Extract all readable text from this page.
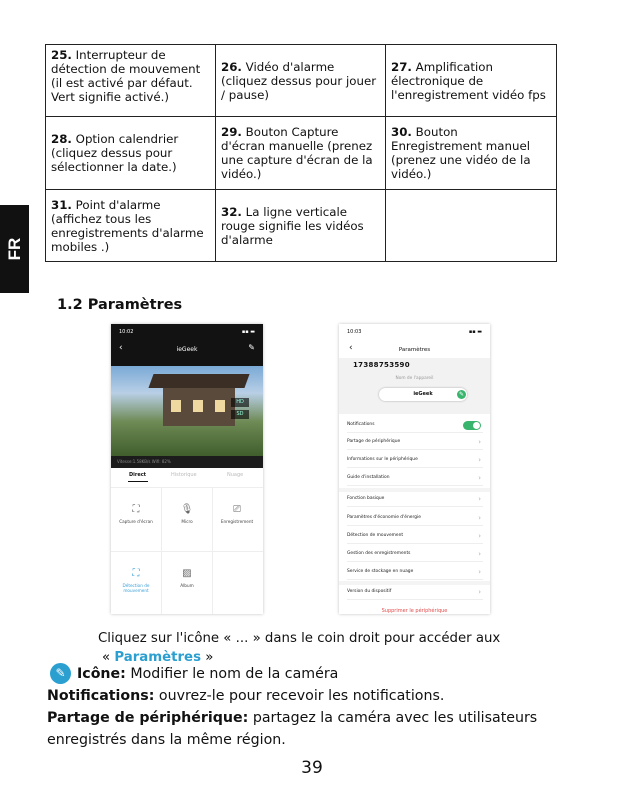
25. Interrupteur de détection de mouvement (il est activé par défaut. Vert signifie activé.)	26. Vidéo d'alarme (cliquez dessus pour jouer / pause)	27. Amplification électronique de l'enregistrement vidéo fps
28. Option calendrier (cliquez dessus pour sélectionner la date.)	29. Bouton Capture d'écran manuelle (prenez une capture d'écran de la vidéo.)	30. Bouton Enregistrement manuel (prenez une vidéo de la vidéo.)
31. Point d'alarme (affichez tous les enregistrements d'alarme mobiles .)	32. La ligne verticale rouge signifie les vidéos d'alarme	
FR
1.2 Paramètres
10:02	▪▪ ▬
‹	ieGeek	✎
HD
SD
Vitesse:1.58KB/s Wifi: 82%
Direct	Historique	Nuage
⛶
Capture d'écran
🎙
Micro
⎚
Enregistrement
⛶
Détection de mouvement
▨
Album
10:03	▪▪ ▬
‹	Paramètres
17388753590
Nom de l'appareil
ieGeek	✎
Notifications
Partage de périphérique	›
Informations sur le périphérique	›
Guide d'installation	›
Fonction basique	›
Paramètres d'économie d'énergie	›
Détection de mouvement	›
Gestion des enregistrements	›
Service de stockage en nuage	›
Version du dispositif	›
Supprimer le périphérique
Cliquez sur l'icône « ... » dans le coin droit pour accéder aux
« Paramètres »
✎ Icône: Modifier le nom de la caméra
Notifications: ouvrez-le pour recevoir les notifications.
Partage de périphérique: partagez la caméra avec les utilisateurs
enregistrés dans la même région.
39
